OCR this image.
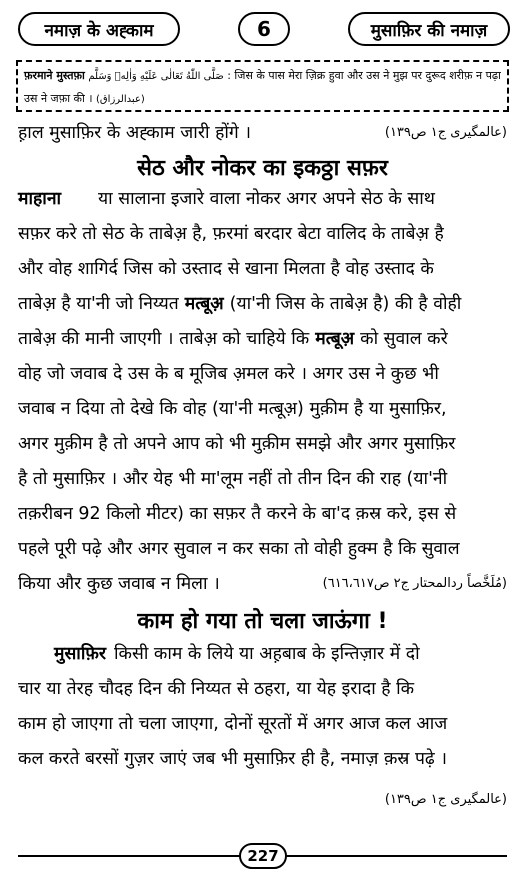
नमाज़ के अह्काम	6	मुसाफ़िर की नमाज़
फ़रमाने मुस्तफ़ा صَلَّى اللّٰهُ تَعَالٰى عَلَيْهِ وَاٰلِهٖ وَسَلَّم : जिस के पास मेरा ज़िक्र हुवा और उस ने मुझ पर दुरूद शरीफ़ न पढ़ा
उस ने जफ़ा की । (عبدالرزاق)
ह़ाल मुसाफ़िर के अह्काम जारी होंगे ।	(عالمگیری ج١ ص١٣٩)
सेठ और नोकर का इकठ्ठा सफ़र
माहाना या सालाना इजारे वाला नोकर अगर अपने सेठ के साथ
सफ़र करे तो सेठ के ताबेअ़ है, फ़रमां बरदार बेटा वालिद के ताबेअ़ है
और वोह शागिर्द जिस को उस्ताद से खाना मिलता है वोह उस्ताद के
ताबेअ़ है या'नी जो निय्यत मत्बूअ़ (या'नी जिस के ताबेअ़ है) की है वोही
ताबेअ़ की मानी जाएगी । ताबेअ़ को चाहिये कि मत्बूअ़ को सुवाल करे
वोह जो जवाब दे उस के ब मूजिब अ़मल करे । अगर उस ने कुछ भी
जवाब न दिया तो देखे कि वोह (या'नी मत्बूअ़) मुक़ीम है या मुसाफ़िर,
अगर मुक़ीम है तो अपने आप को भी मुक़ीम समझे और अगर मुसाफ़िर
है तो मुसाफ़िर । और येह भी मा'लूम नहीं तो तीन दिन की राह (या'नी
तक़रीबन 92 किलो मीटर) का सफ़र तै करने के बा'द क़स्र करे, इस से
पहले पूरी पढ़े और अगर सुवाल न कर सका तो वोही हुक्म है कि सुवाल
किया और कुछ जवाब न मिला ।	(مُلَخَّصاً ردالمحتار ج٢ ص٦١٦،٦١٧)
काम हो गया तो चला जाऊंगा !
मुसाफ़िर किसी काम के लिये या अह़बाब के इन्तिज़ार में दो
चार या तेरह चौदह दिन की निय्यत से ठहरा, या येह इरादा है कि
काम हो जाएगा तो चला जाएगा, दोनों सूरतों में अगर आज कल आज
कल करते बरसों गुज़र जाएं जब भी मुसाफ़िर ही है, नमाज़ क़स्र पढ़े ।
(عالمگیری ج١ ص١٣٩)
227
